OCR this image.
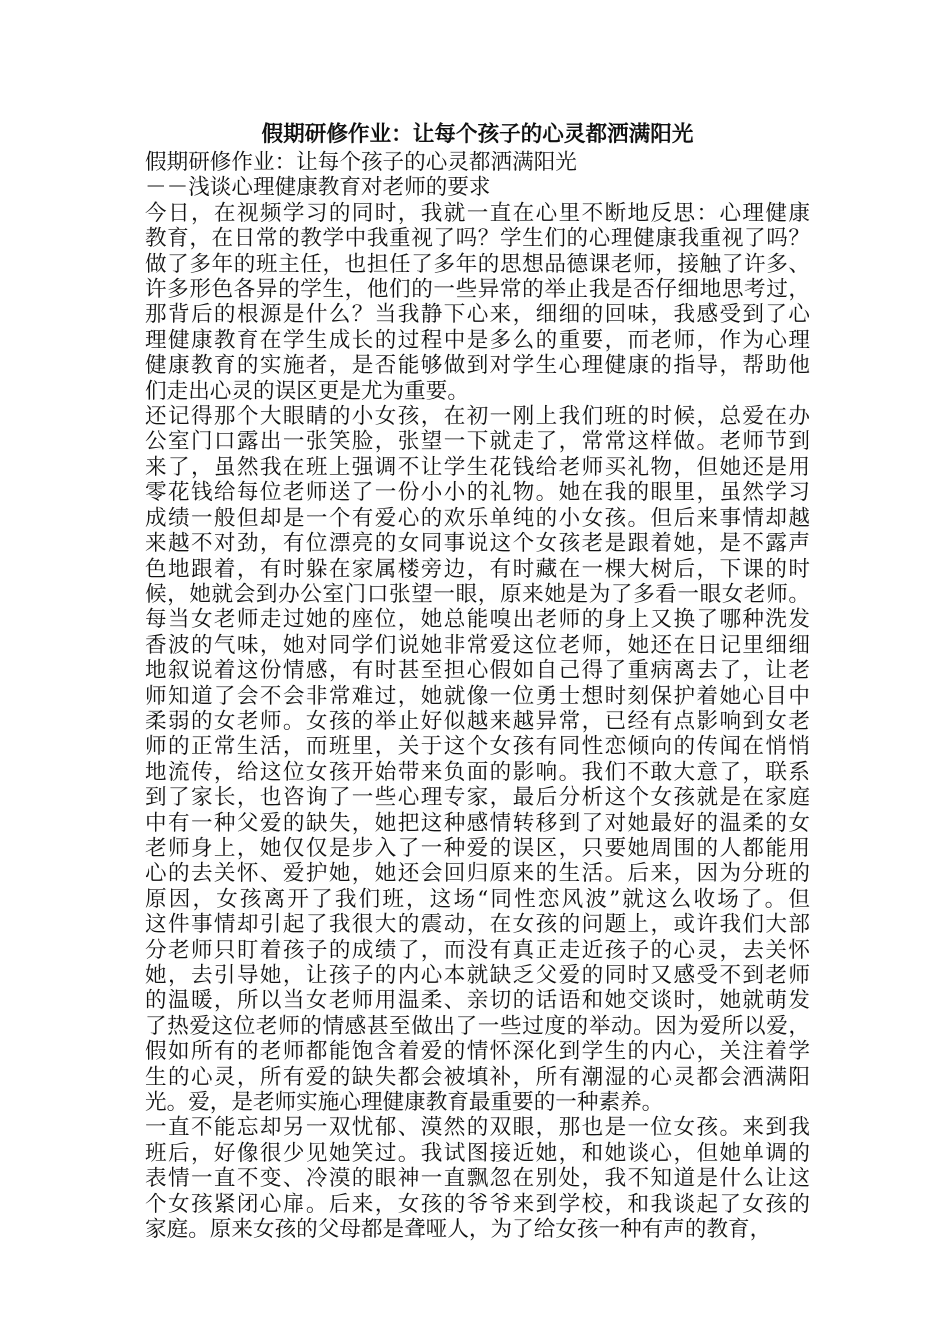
假期研修作业：让每个孩子的心灵都洒满阳光

假期研修作业：让每个孩子的心灵都洒满阳光

－－浅谈心理健康教育对老师的要求

今日，在视频学习的同时，我就一直在心里不断地反思：心理健康

教育，在日常的教学中我重视了吗？学生们的心理健康我重视了吗？

做了多年的班主任，也担任了多年的思想品德课老师，接触了许多、

许多形色各异的学生，他们的一些异常的举止我是否仔细地思考过，

那背后的根源是什么？当我静下心来，细细的回味，我感受到了心

理健康教育在学生成长的过程中是多么的重要，而老师，作为心理

健康教育的实施者，是否能够做到对学生心理健康的指导，帮助他

们走出心灵的误区更是尤为重要。

还记得那个大眼睛的小女孩，在初一刚上我们班的时候，总爱在办

公室门口露出一张笑脸，张望一下就走了，常常这样做。老师节到

来了，虽然我在班上强调不让学生花钱给老师买礼物，但她还是用

零花钱给每位老师送了一份小小的礼物。她在我的眼里，虽然学习

成绩一般但却是一个有爱心的欢乐单纯的小女孩。但后来事情却越

来越不对劲，有位漂亮的女同事说这个女孩老是跟着她，是不露声

色地跟着，有时躲在家属楼旁边，有时藏在一棵大树后，下课的时

候，她就会到办公室门口张望一眼，原来她是为了多看一眼女老师。

每当女老师走过她的座位，她总能嗅出老师的身上又换了哪种洗发

香波的气味，她对同学们说她非常爱这位老师，她还在日记里细细

地叙说着这份情感，有时甚至担心假如自己得了重病离去了，让老

师知道了会不会非常难过，她就像一位勇士想时刻保护着她心目中

柔弱的女老师。女孩的举止好似越来越异常，已经有点影响到女老

师的正常生活，而班里，关于这个女孩有同性恋倾向的传闻在悄悄

地流传，给这位女孩开始带来负面的影响。我们不敢大意了，联系

到了家长，也咨询了一些心理专家，最后分析这个女孩就是在家庭

中有一种父爱的缺失，她把这种感情转移到了对她最好的温柔的女

老师身上，她仅仅是步入了一种爱的误区，只要她周围的人都能用

心的去关怀、爱护她，她还会回归原来的生活。后来，因为分班的

原因，女孩离开了我们班，这场“同性恋风波”就这么收场了。但

这件事情却引起了我很大的震动，在女孩的问题上，或许我们大部

分老师只盯着孩子的成绩了，而没有真正走近孩子的心灵，去关怀

她，去引导她，让孩子的内心本就缺乏父爱的同时又感受不到老师

的温暖，所以当女老师用温柔、亲切的话语和她交谈时，她就萌发

了热爱这位老师的情感甚至做出了一些过度的举动。因为爱所以爱，

假如所有的老师都能饱含着爱的情怀深化到学生的内心，关注着学

生的心灵，所有爱的缺失都会被填补，所有潮湿的心灵都会洒满阳

光。爱，是老师实施心理健康教育最重要的一种素养。

一直不能忘却另一双忧郁、漠然的双眼，那也是一位女孩。来到我

班后，好像很少见她笑过。我试图接近她，和她谈心，但她单调的

表情一直不变、冷漠的眼神一直飘忽在别处，我不知道是什么让这

个女孩紧闭心扉。后来，女孩的爷爷来到学校，和我谈起了女孩的

家庭。原来女孩的父母都是聋哑人，为了给女孩一种有声的教育，
